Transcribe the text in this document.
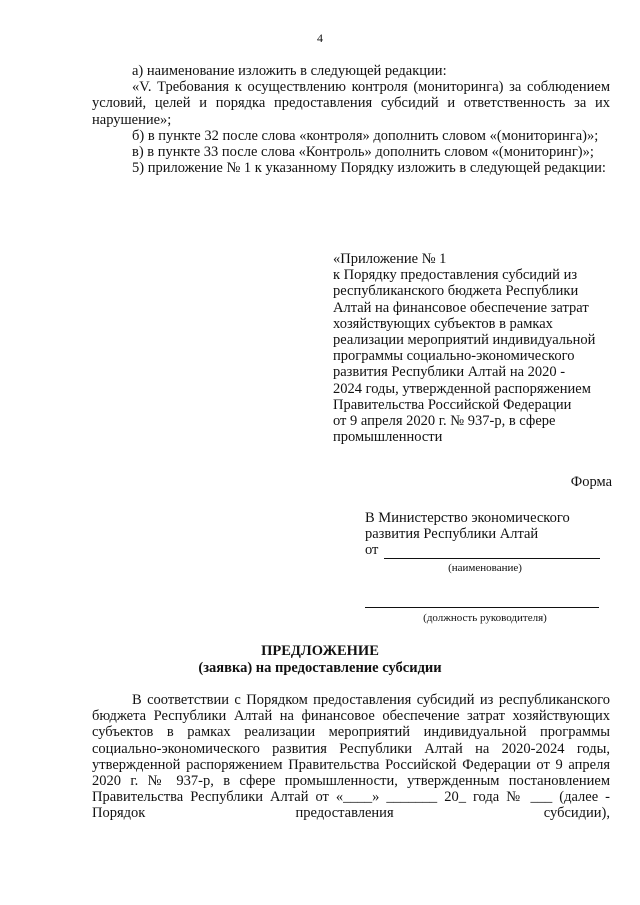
4

а) наименование изложить в следующей редакции:

«V. Требования к осуществлению контроля (мониторинга) за соблюдением условий, целей и порядка предоставления субсидий и ответственность за их нарушение»;

б) в пункте 32 после слова «контроля» дополнить словом «(мониторинга)»;

в) в пункте 33 после слова «Контроль» дополнить словом «(мониторинг)»;

5) приложение № 1 к указанному Порядку изложить в следующей редакции:

«Приложение № 1
к Порядку предоставления субсидий из
республиканского бюджета Республики
Алтай на финансовое обеспечение затрат
хозяйствующих субъектов в рамках
реализации мероприятий индивидуальной
программы социально-экономического
развития Республики Алтай на 2020 -
2024 годы, утвержденной распоряжением
Правительства Российской Федерации
от 9 апреля 2020 г. № 937-р, в сфере
промышленности
Форма
В Министерство экономического
развития Республики Алтай
от
(наименование)
(должность руководителя)
ПРЕДЛОЖЕНИЕ
(заявка) на предоставление субсидии

В соответствии с Порядком предоставления субсидий из республиканского бюджета Республики Алтай на финансовое обеспечение затрат хозяйствующих субъектов в рамках реализации мероприятий индивидуальной программы социально-экономического развития Республики Алтай на 2020-2024 годы, утвержденной распоряжением Правительства Российской Федерации от 9 апреля 2020 г. № 937-р, в сфере промышленности, утвержденным постановлением Правительства Республики Алтай от «____» _______ 20_ года № ___ (далее - Порядок предоставления субсидии),
